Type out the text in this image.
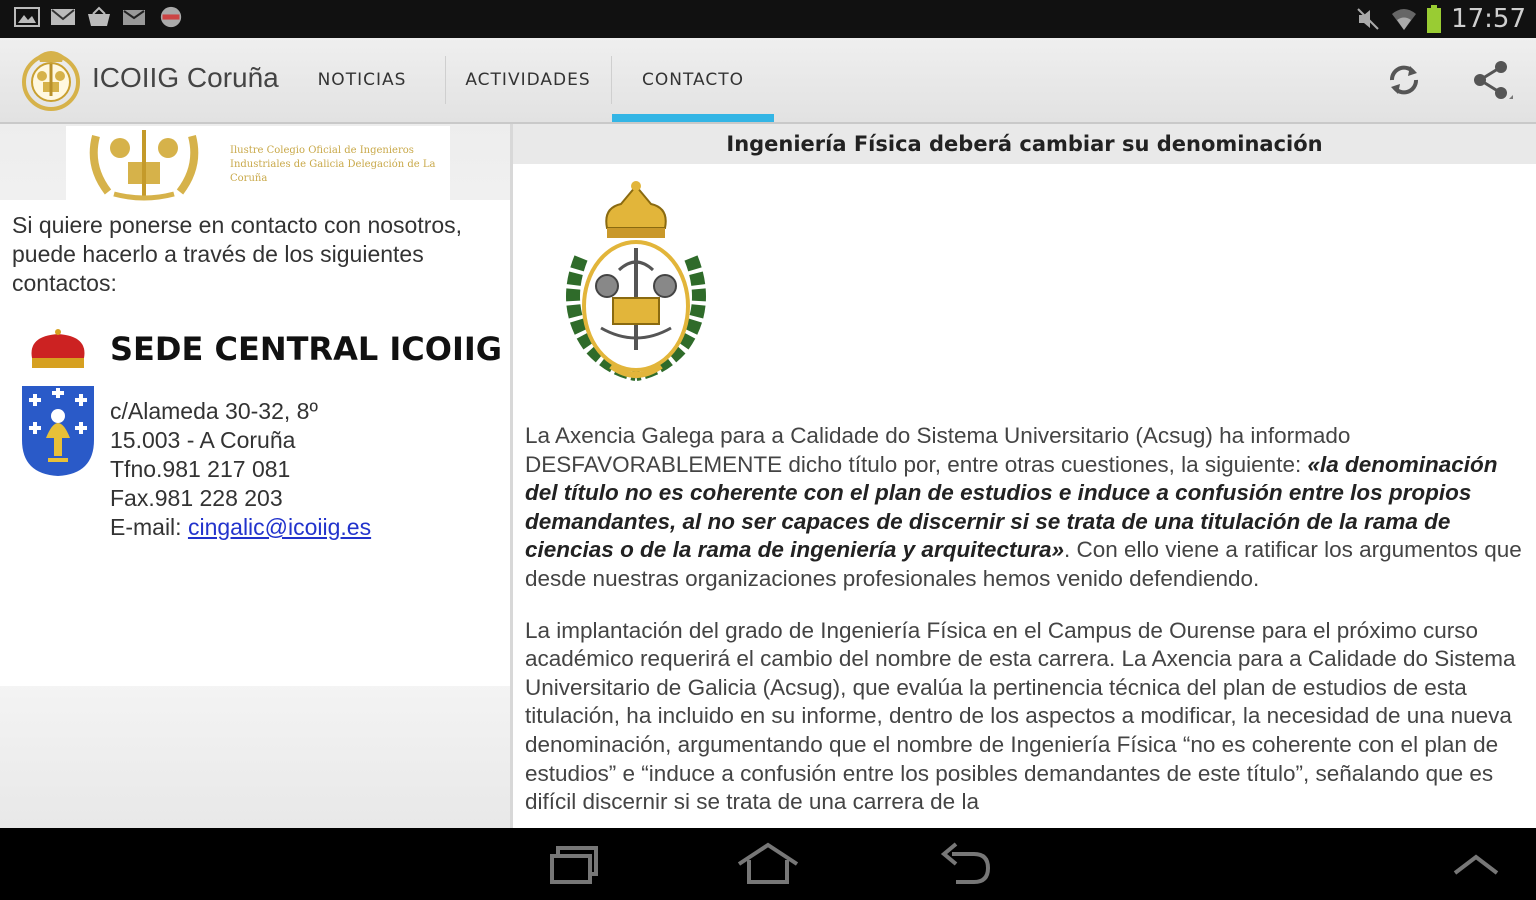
17:57
ICOIIG Coruña	NOTICIAS	ACTIVIDADES	CONTACTO
Ilustre Colegio Oficial de Ingenieros Industriales de Galicia Delegación de La Coruña
Si quiere ponerse en contacto con nosotros, puede hacerlo a través de los siguientes contactos:
SEDE CENTRAL ICOIIG
c/Alameda 30-32, 8º
15.003 - A Coruña
Tfno.981 217 081
Fax.981 228 203
E-mail: cingalic@icoiig.es
Ingeniería Física deberá cambiar su denominación

La Axencia Galega para a Calidade do Sistema Universitario (Acsug) ha informado DESFAVORABLEMENTE dicho título por, entre otras cuestiones, la siguiente: «la denominación del título no es coherente con el plan de estudios e induce a confusión entre los propios demandantes, al no ser capaces de discernir si se trata de una titulación de la rama de ciencias o de la rama de ingeniería y arquitectura». Con ello viene a ratificar los argumentos que desde nuestras organizaciones profesionales hemos venido defendiendo.

La implantación del grado de Ingeniería Física en el Campus de Ourense para el próximo curso académico requerirá el cambio del nombre de esta carrera. La Axencia para a Calidade do Sistema Universitario de Galicia (Acsug), que evalúa la pertinencia técnica del plan de estudios de esta titulación, ha incluido en su informe, dentro de los aspectos a modificar, la necesidad de una nueva denominación, argumentando que el nombre de Ingeniería Física “no es coherente con el plan de estudios” e “induce a confusión entre los posibles demandantes de este título”, señalando que es difícil discernir si se trata de una carrera de la
